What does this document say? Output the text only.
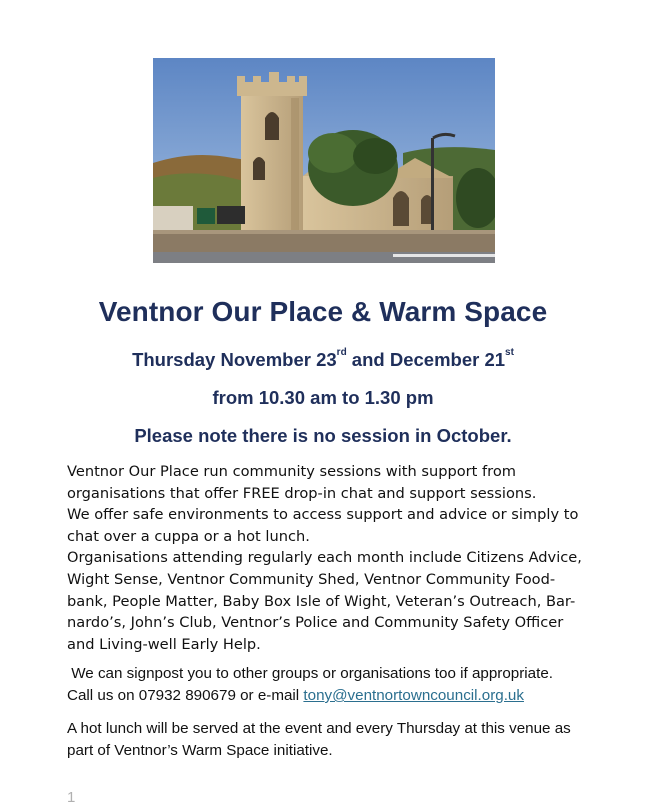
Ventnor Our Place & Warm Space

Thursday November 23rd and December 21st

from 10.30 am to 1.30 pm

Please note there is no session in October.

Ventnor Our Place run community sessions with support from
organisations that offer FREE drop-in chat and support sessions.
We offer safe environments to access support and advice or simply to
chat over a cuppa or a hot lunch.
Organisations attending regularly each month include Citizens Advice,
Wight Sense, Ventnor Community Shed, Ventnor Community Food-
bank, People Matter, Baby Box Isle of Wight, Veteran’s Outreach, Bar-
nardo’s, John’s Club, Ventnor’s Police and Community Safety Officer
and Living-well Early Help.
We can signpost you to other groups or organisations too if appropriate.
Call us on 07932 890679 or e-mail tony@ventnortowncouncil.org.uk
A hot lunch will be served at the event and every Thursday at this venue as
part of Ventnor’s Warm Space initiative.
1
